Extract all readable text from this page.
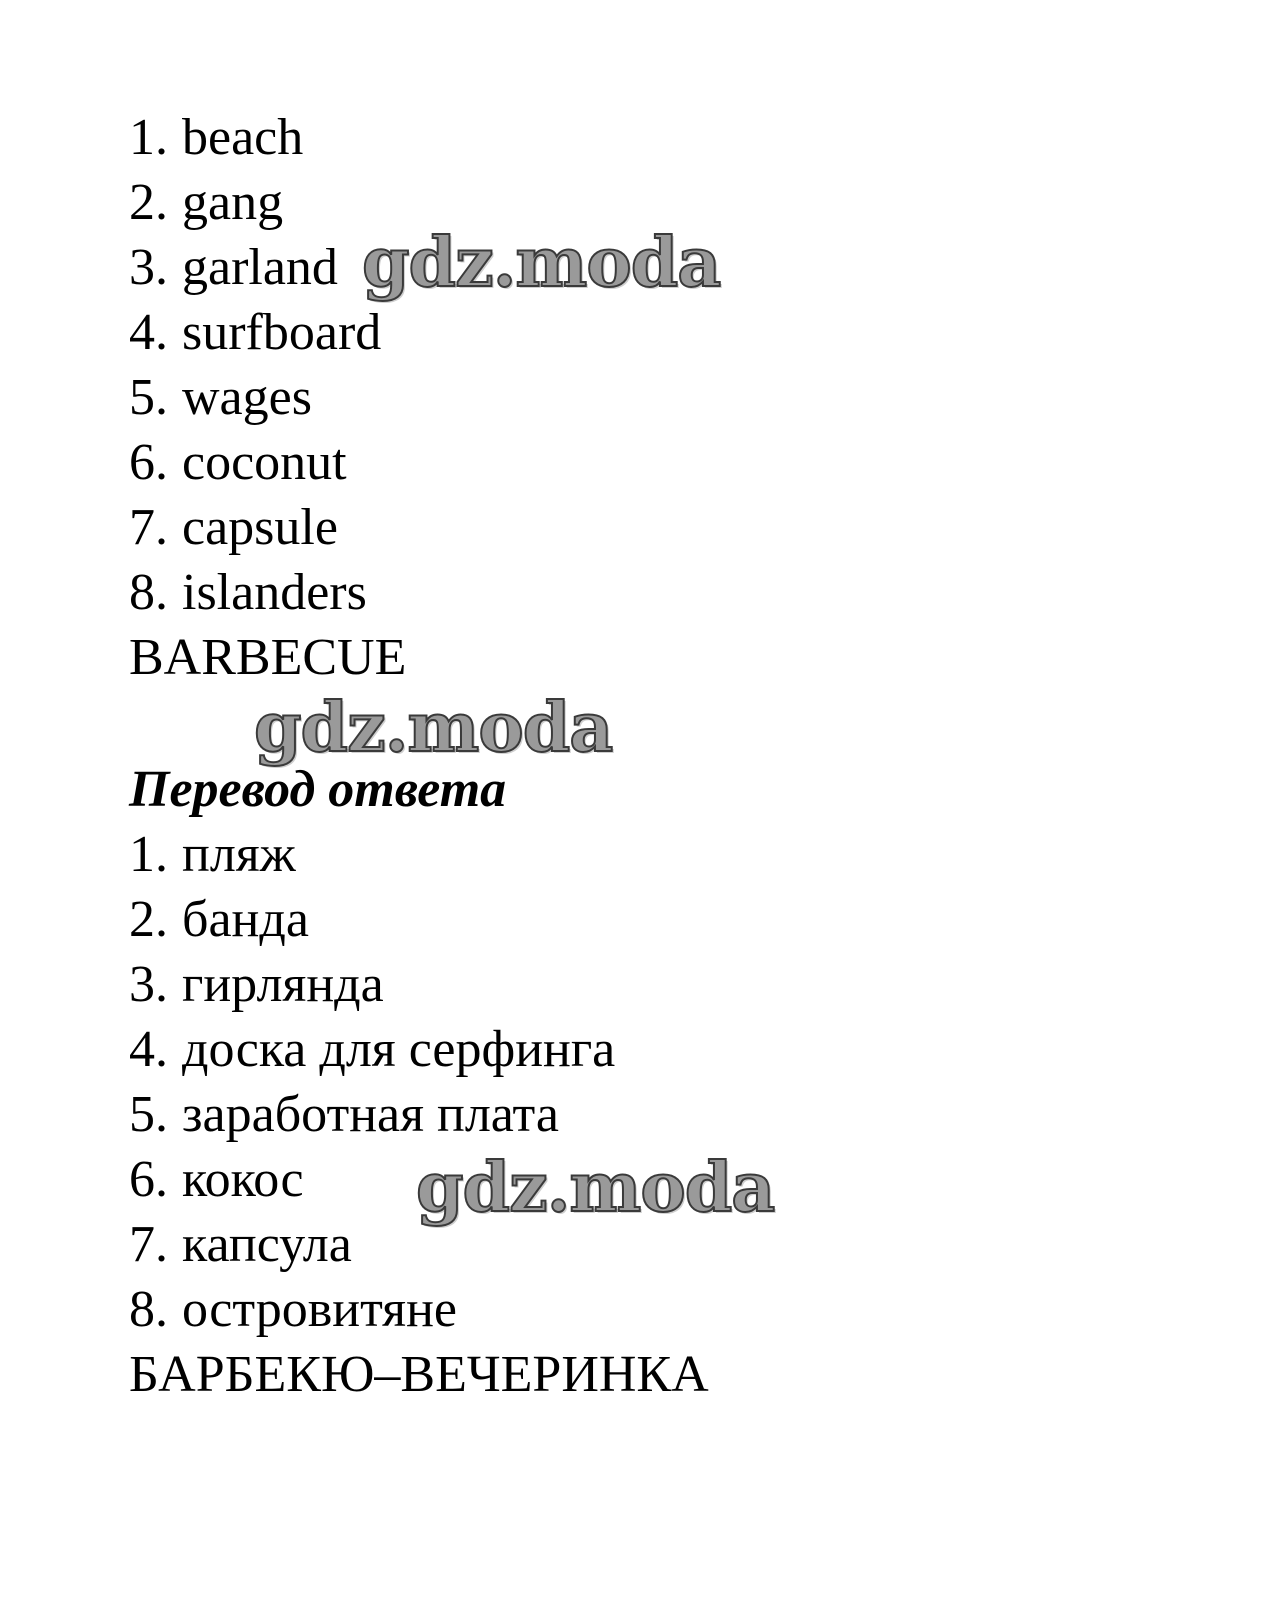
1. beach
2. gang
3. garland
4. surfboard
5. wages
6. coconut
7. capsule
8. islanders
BARBECUE
Перевод ответа
1. пляж
2. банда
3. гирлянда
4. доска для серфинга
5. заработная плата
6. кокос
7. капсула
8. островитяне
БАРБЕКЮ–ВЕЧЕРИНКА
gdz.moda
gdz.moda
gdz.moda
